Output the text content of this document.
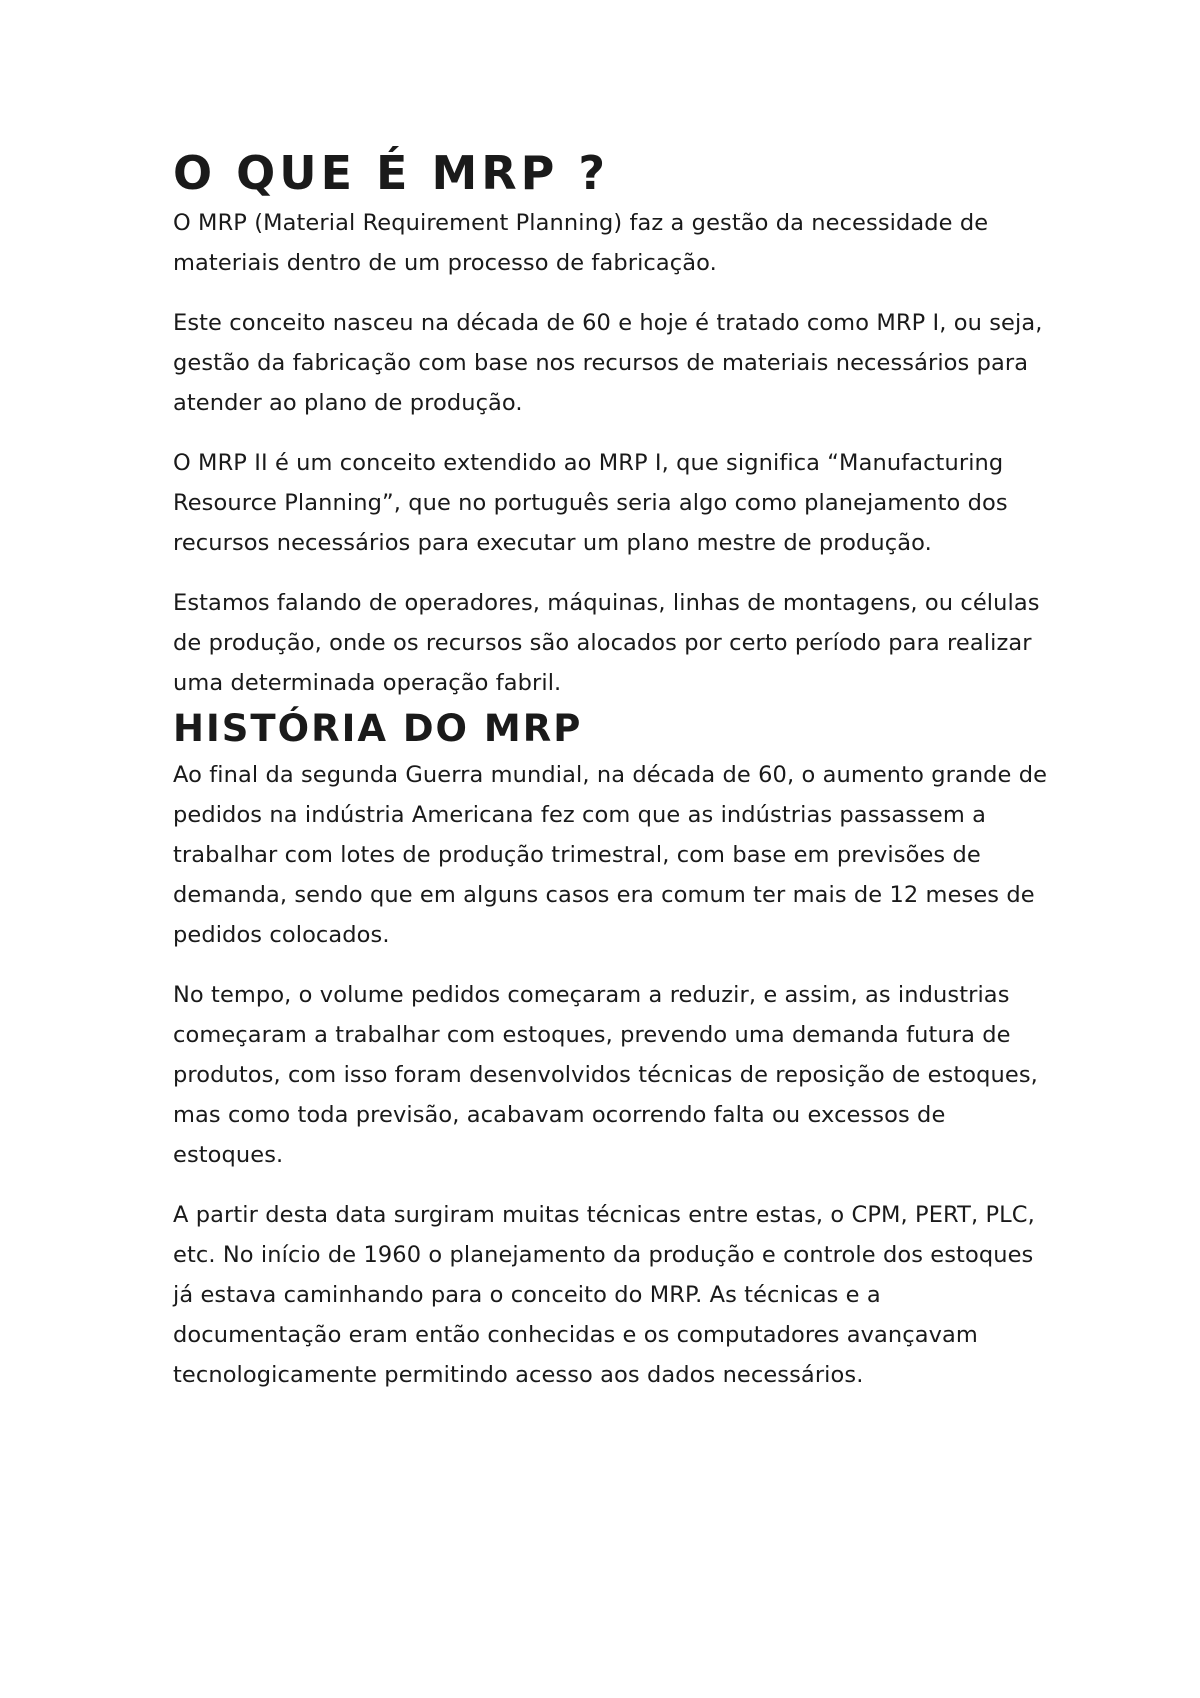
O QUE É MRP ?

O MRP (Material Requirement Planning) faz a gestão da necessidade de materiais dentro de um processo de fabricação.

Este conceito nasceu na década de 60 e hoje é tratado como MRP I, ou seja, gestão da fabricação com base nos recursos de materiais necessários para atender ao plano de produção.

O MRP II é um conceito extendido ao MRP I, que significa “Manufacturing Resource Planning”, que no português seria algo como planejamento dos recursos necessários para executar um plano mestre de produção.

Estamos falando de operadores, máquinas, linhas de montagens, ou células de produção, onde os recursos são alocados por certo período para realizar uma determinada operação fabril.

HISTÓRIA DO MRP

Ao final da segunda Guerra mundial, na década de 60, o aumento grande de pedidos na indústria Americana fez com que as indústrias passassem a trabalhar com lotes de produção trimestral, com base em previsões de demanda, sendo que em alguns casos era comum ter mais de 12 meses de pedidos colocados.

No tempo, o volume pedidos começaram a reduzir, e assim, as industrias começaram a trabalhar com estoques, prevendo uma demanda futura de produtos, com isso foram desenvolvidos técnicas de reposição de estoques, mas como toda previsão, acabavam ocorrendo falta ou excessos de estoques.

A partir desta data surgiram muitas técnicas entre estas, o CPM, PERT, PLC, etc. No início de 1960 o planejamento da produção e controle dos estoques já estava caminhando para o conceito do MRP. As técnicas e a documentação eram então conhecidas e os computadores avançavam tecnologicamente permitindo acesso aos dados necessários.
